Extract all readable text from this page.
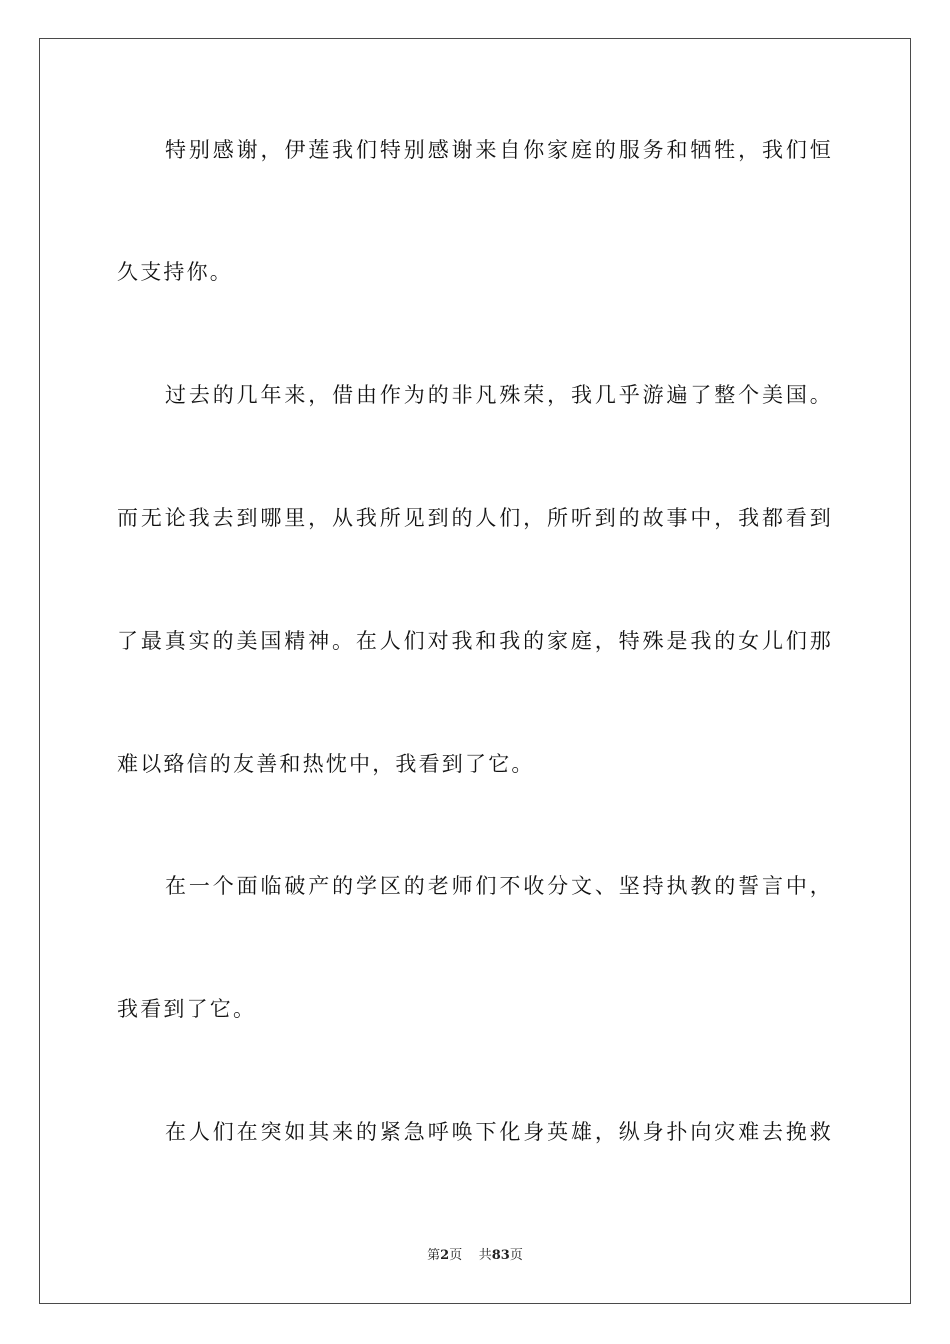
特别感谢，伊莲我们特别感谢来自你家庭的服务和牺牲，我们恒
久支持你。
过去的几年来，借由作为的非凡殊荣，我几乎游遍了整个美国。
而无论我去到哪里，从我所见到的人们，所听到的故事中，我都看到
了最真实的美国精神。在人们对我和我的家庭，特殊是我的女儿们那
难以臵信的友善和热忱中，我看到了它。
在一个面临破产的学区的老师们不收分文、坚持执教的誓言中，
我看到了它。
在人们在突如其来的紧急呼唤下化身英雄，纵身扑向灾难去挽救
第2页    共83页
